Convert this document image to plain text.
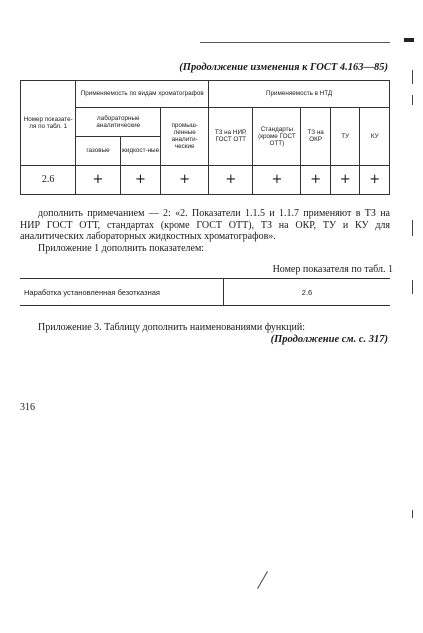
(Продолжение изменения к ГОСТ 4.163—85)
Номер показате-ля по табл. 1	Применяемость по видам хроматографов			Применяемость в НТД				
	лабораторные аналитические		промыш-ленные аналити-ческие	ТЗ на НИР, ГОСТ ОТТ	Стандарты (кроме ГОСТ ОТТ)	ТЗ на ОКР	ТУ	КУ
	газовые	жидкост-ные						
2.6	+	+	+	+	+	+	+	+
дополнить примечанием — 2: «2. Показатели 1.1.5 и 1.1.7 применяют в ТЗ на НИР ГОСТ ОТТ, стандартах (кроме ГОСТ ОТТ), ТЗ на ОКР, ТУ и КУ для аналитических лабораторных жидкостных хроматографов».
Приложение 1 дополнить показателем:
Номер показателя по табл. 1
Наработка установленная безотказная	2.6
Приложение 3. Таблицу дополнить наименованиями функций:
(Продолжение см. с. 317)
316
